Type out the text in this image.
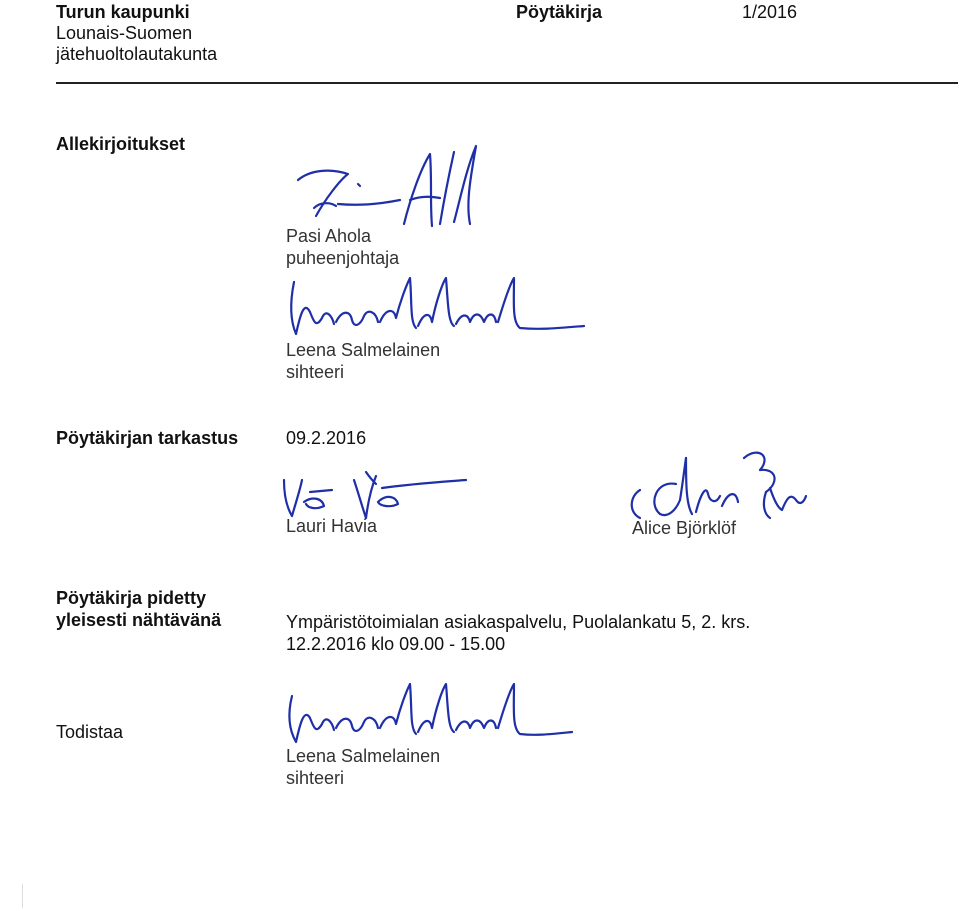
Turun kaupunki
Lounais-Suomen
jätehuoltolautakunta
Pöytäkirja	1/2016
Allekirjoitukset
Pasi Ahola
puheenjohtaja
Leena Salmelainen
sihteeri
Pöytäkirjan tarkastus	09.2.2016
Lauri Havia	Alice Björklöf
Pöytäkirja pidetty
yleisesti nähtävänä	Ympäristötoimialan asiakaspalvelu, Puolalankatu 5, 2. krs.
12.2.2016 klo 09.00 - 15.00
Todistaa
Leena Salmelainen
sihteeri
